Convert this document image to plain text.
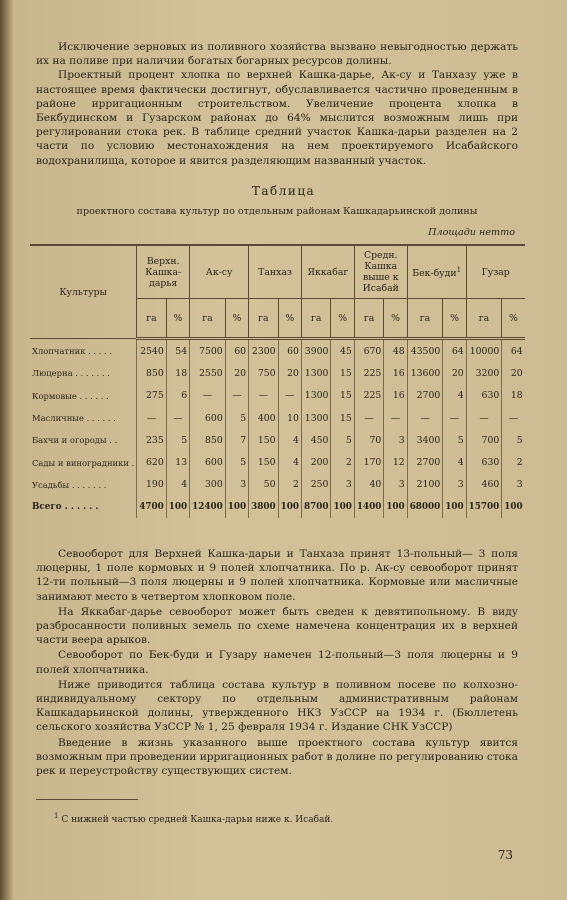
Исключение зерновых из поливного хозяйства вызвано невыгодностью держать их на поливе при наличии богатых богарных ресурсов долины.

Проектный процент хлопка по верхней Кашка-дарье, Ак-су и Танхазу уже в настоящее время фактически достигнут, обуславливается частично проведенным в районе ирригационным строительством. Увеличение процента хлопка в Бекбудинском и Гузарском районах до 64% мыслится возможным лишь при регулировании стока рек. В таблице средний участок Кашка-дарьи разделен на 2 части по условию местонахождения на нем проектируемого Исабайского водохранилища, которое и явится разделяющим названный участок.

Таблица
проектного состава культур по отдельным районам Кашкадарьинской долины
Площади нетто
Культуры	Верхн. Кашка-дарья		Ак-су		Танхаз		Яккабаг		Средн. Кашка выше к Исабай		Бек-буди$^1$		Гузар	
	га	%	га	%	га	%	га	%	га	%	га	%	га	%
Хлопчатник . . . . .	2540	54	7500	60	2300	60	3900	45	670	48	43500	64	10000	64
Люцерна . . . . . . .	850	18	2550	20	750	20	1300	15	225	16	13600	20	3200	20
Кормовые . . . . . .	275	6	—	—	—	—	1300	15	225	16	2700	4	630	18
Масличные . . . . . .	—	—	600	5	400	10	1300	15	—	—	—	—	—	—
Бахчи и огороды . .	235	5	850	7	150	4	450	5	70	3	3400	5	700	5
Сады и виноградники .	620	13	600	5	150	4	200	2	170	12	2700	4	630	2
Усадьбы . . . . . . .	190	4	300	3	50	2	250	3	40	3	2100	3	460	3
Всего . . . . . .	4700	100	12400	100	3800	100	8700	100	1400	100	68000	100	15700	100

Севооборот для Верхней Кашка-дарьи и Танхаза принят 13-польный— 3 поля люцерны, 1 поле кормовых и 9 полей хлопчатника. По р. Ак-су севооборот принят 12-ти польный—3 поля люцерны и 9 полей хлопчатника. Кормовые или масличные занимают место в четвертом хлопковом поле.

На Яккабаг-дарье севооборот может быть сведен к девятипольному. В виду разбросанности поливных земель по схеме намечена концентрация их в верхней части веера арыков.

Севооборот по Бек-буди и Гузару намечен 12-польный—3 поля люцерны и 9 полей хлопчатника.

Ниже приводится таблица состава культур в поливном посеве по колхозно-индивидуальному сектору по отдельным административным районам Кашкадарьинской долины, утвержденного НКЗ УзССР на 1934 г. (Бюллетень сельского хозяйства УзССР № 1, 25 февраля 1934 г. Издание СНК УзССР)

Введение в жизнь указанного выше проектного состава культур явится возможным при проведении ирригационных работ в долине по регулированию стока рек и переустройству существующих систем.

$^1$ С нижней частью средней Кашка-дарьи ниже к. Исабай.
73
